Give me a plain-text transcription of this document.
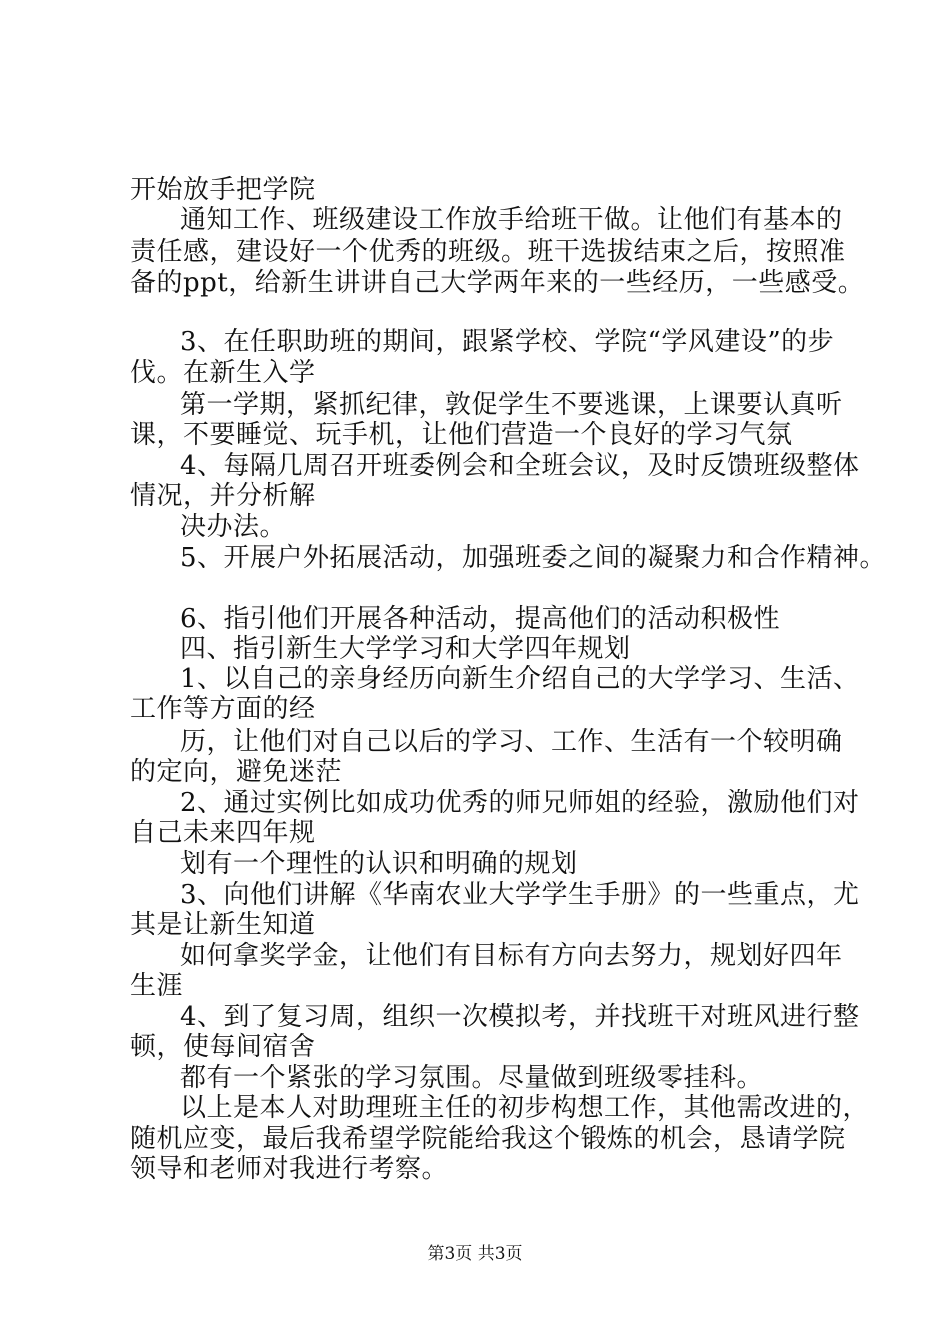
开始放手把学院
通知工作、班级建设工作放手给班干做。让他们有基本的
责任感，建设好一个优秀的班级。班干选拔结束之后，按照准
备的ppt，给新生讲讲自己大学两年来的一些经历，一些感受。
3、在任职助班的期间，跟紧学校、学院“学风建设”的步
伐。在新生入学
第一学期，紧抓纪律，敦促学生不要逃课，上课要认真听
课，不要睡觉、玩手机，让他们营造一个良好的学习气氛
4、每隔几周召开班委例会和全班会议，及时反馈班级整体
情况，并分析解
决办法。
5、开展户外拓展活动，加强班委之间的凝聚力和合作精神。
6、指引他们开展各种活动，提高他们的活动积极性
四、指引新生大学学习和大学四年规划
1、以自己的亲身经历向新生介绍自己的大学学习、生活、
工作等方面的经
历，让他们对自己以后的学习、工作、生活有一个较明确
的定向，避免迷茫
2、通过实例比如成功优秀的师兄师姐的经验，激励他们对
自己未来四年规
划有一个理性的认识和明确的规划
3、向他们讲解《华南农业大学学生手册》的一些重点，尤
其是让新生知道
如何拿奖学金，让他们有目标有方向去努力，规划好四年
生涯
4、到了复习周，组织一次模拟考，并找班干对班风进行整
顿，使每间宿舍
都有一个紧张的学习氛围。尽量做到班级零挂科。
以上是本人对助理班主任的初步构想工作，其他需改进的，
随机应变，最后我希望学院能给我这个锻炼的机会，恳请学院
领导和老师对我进行考察。
第3页 共3页
